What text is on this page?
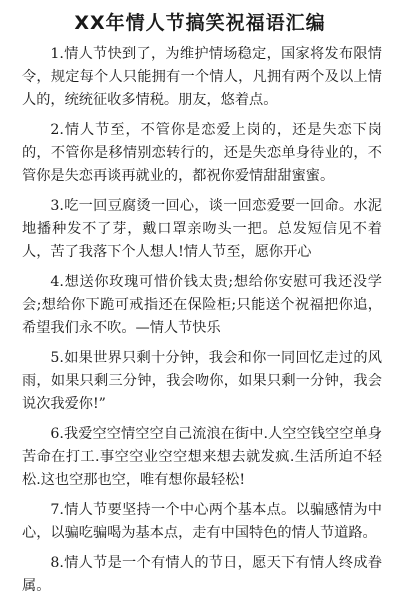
XX年情人节搞笑祝福语汇编

1.情人节快到了，为维护情场稳定，国家将发布限情令，规定每个人只能拥有一个情人，凡拥有两个及以上情人的，统统征收多情税。朋友，悠着点。

2.情人节至，不管你是恋爱上岗的，还是失恋下岗的，不管你是移情别恋转行的，还是失恋单身待业的，不管你是失恋再谈再就业的，都祝你爱情甜甜蜜蜜。

3.吃一回豆腐烫一回心，谈一回恋爱要一回命。水泥地播种发不了芽，戴口罩亲吻头一把。总发短信见不着人，苦了我落下个人想人!情人节至，愿你开心

4.想送你玫瑰可惜价钱太贵;想给你安慰可我还没学会;想给你下跪可戒指还在保险柜;只能送个祝福把你追，希望我们永不吹。—情人节快乐

5.如果世界只剩十分钟，我会和你一同回忆走过的风雨，如果只剩三分钟，我会吻你，如果只剩一分钟，我会说次我爱你!”

6.我爱空空情空空自己流浪在街中.人空空钱空空单身苦命在打工.事空空业空空想来想去就发疯.生活所迫不轻松.这也空那也空，唯有想你最轻松!

7.情人节要坚持一个中心两个基本点。以骗感情为中心，以骗吃骗喝为基本点，走有中国特色的情人节道路。

8.情人节是一个有情人的节日，愿天下有情人终成眷属。
